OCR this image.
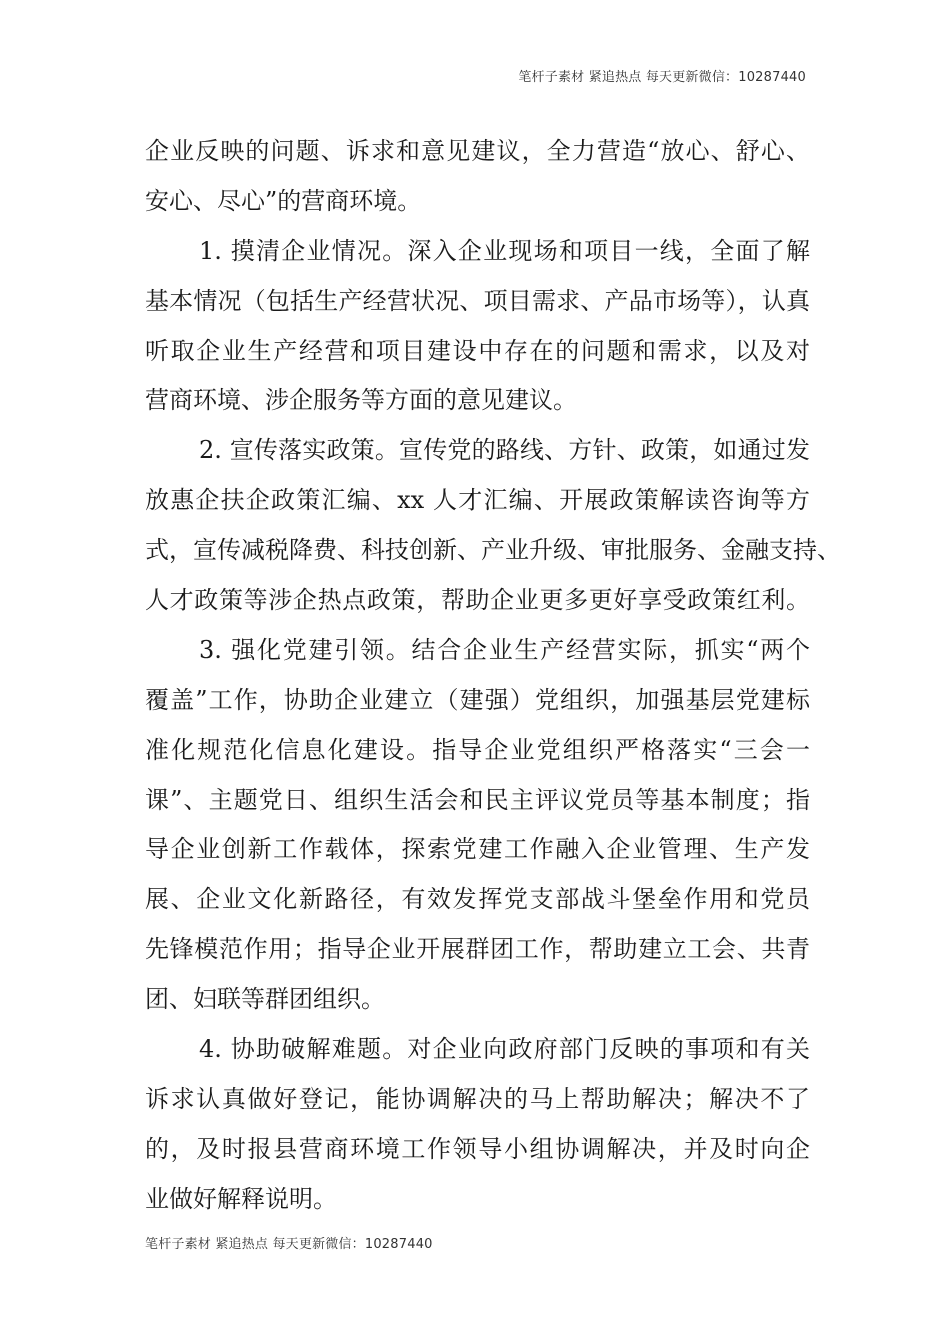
笔杆子素材 紧追热点 每天更新微信：10287440
企业反映的问题、诉求和意见建议，全力营造“放心、舒心、
安心、尽心”的营商环境。
1. 摸清企业情况。深入企业现场和项目一线，全面了解
基本情况（包括生产经营状况、项目需求、产品市场等），认真
听取企业生产经营和项目建设中存在的问题和需求，以及对
营商环境、涉企服务等方面的意见建议。
2. 宣传落实政策。宣传党的路线、方针、政策，如通过发
放惠企扶企政策汇编、xx 人才汇编、开展政策解读咨询等方
式，宣传减税降费、科技创新、产业升级、审批服务、金融支持、
人才政策等涉企热点政策，帮助企业更多更好享受政策红利。
3. 强化党建引领。结合企业生产经营实际，抓实“两个
覆盖”工作，协助企业建立（建强）党组织，加强基层党建标
准化规范化信息化建设。指导企业党组织严格落实“三会一
课”、主题党日、组织生活会和民主评议党员等基本制度；指
导企业创新工作载体，探索党建工作融入企业管理、生产发
展、企业文化新路径，有效发挥党支部战斗堡垒作用和党员
先锋模范作用；指导企业开展群团工作，帮助建立工会、共青
团、妇联等群团组织。
4. 协助破解难题。对企业向政府部门反映的事项和有关
诉求认真做好登记，能协调解决的马上帮助解决；解决不了
的，及时报县营商环境工作领导小组协调解决，并及时向企
业做好解释说明。
笔杆子素材 紧追热点 每天更新微信：10287440
